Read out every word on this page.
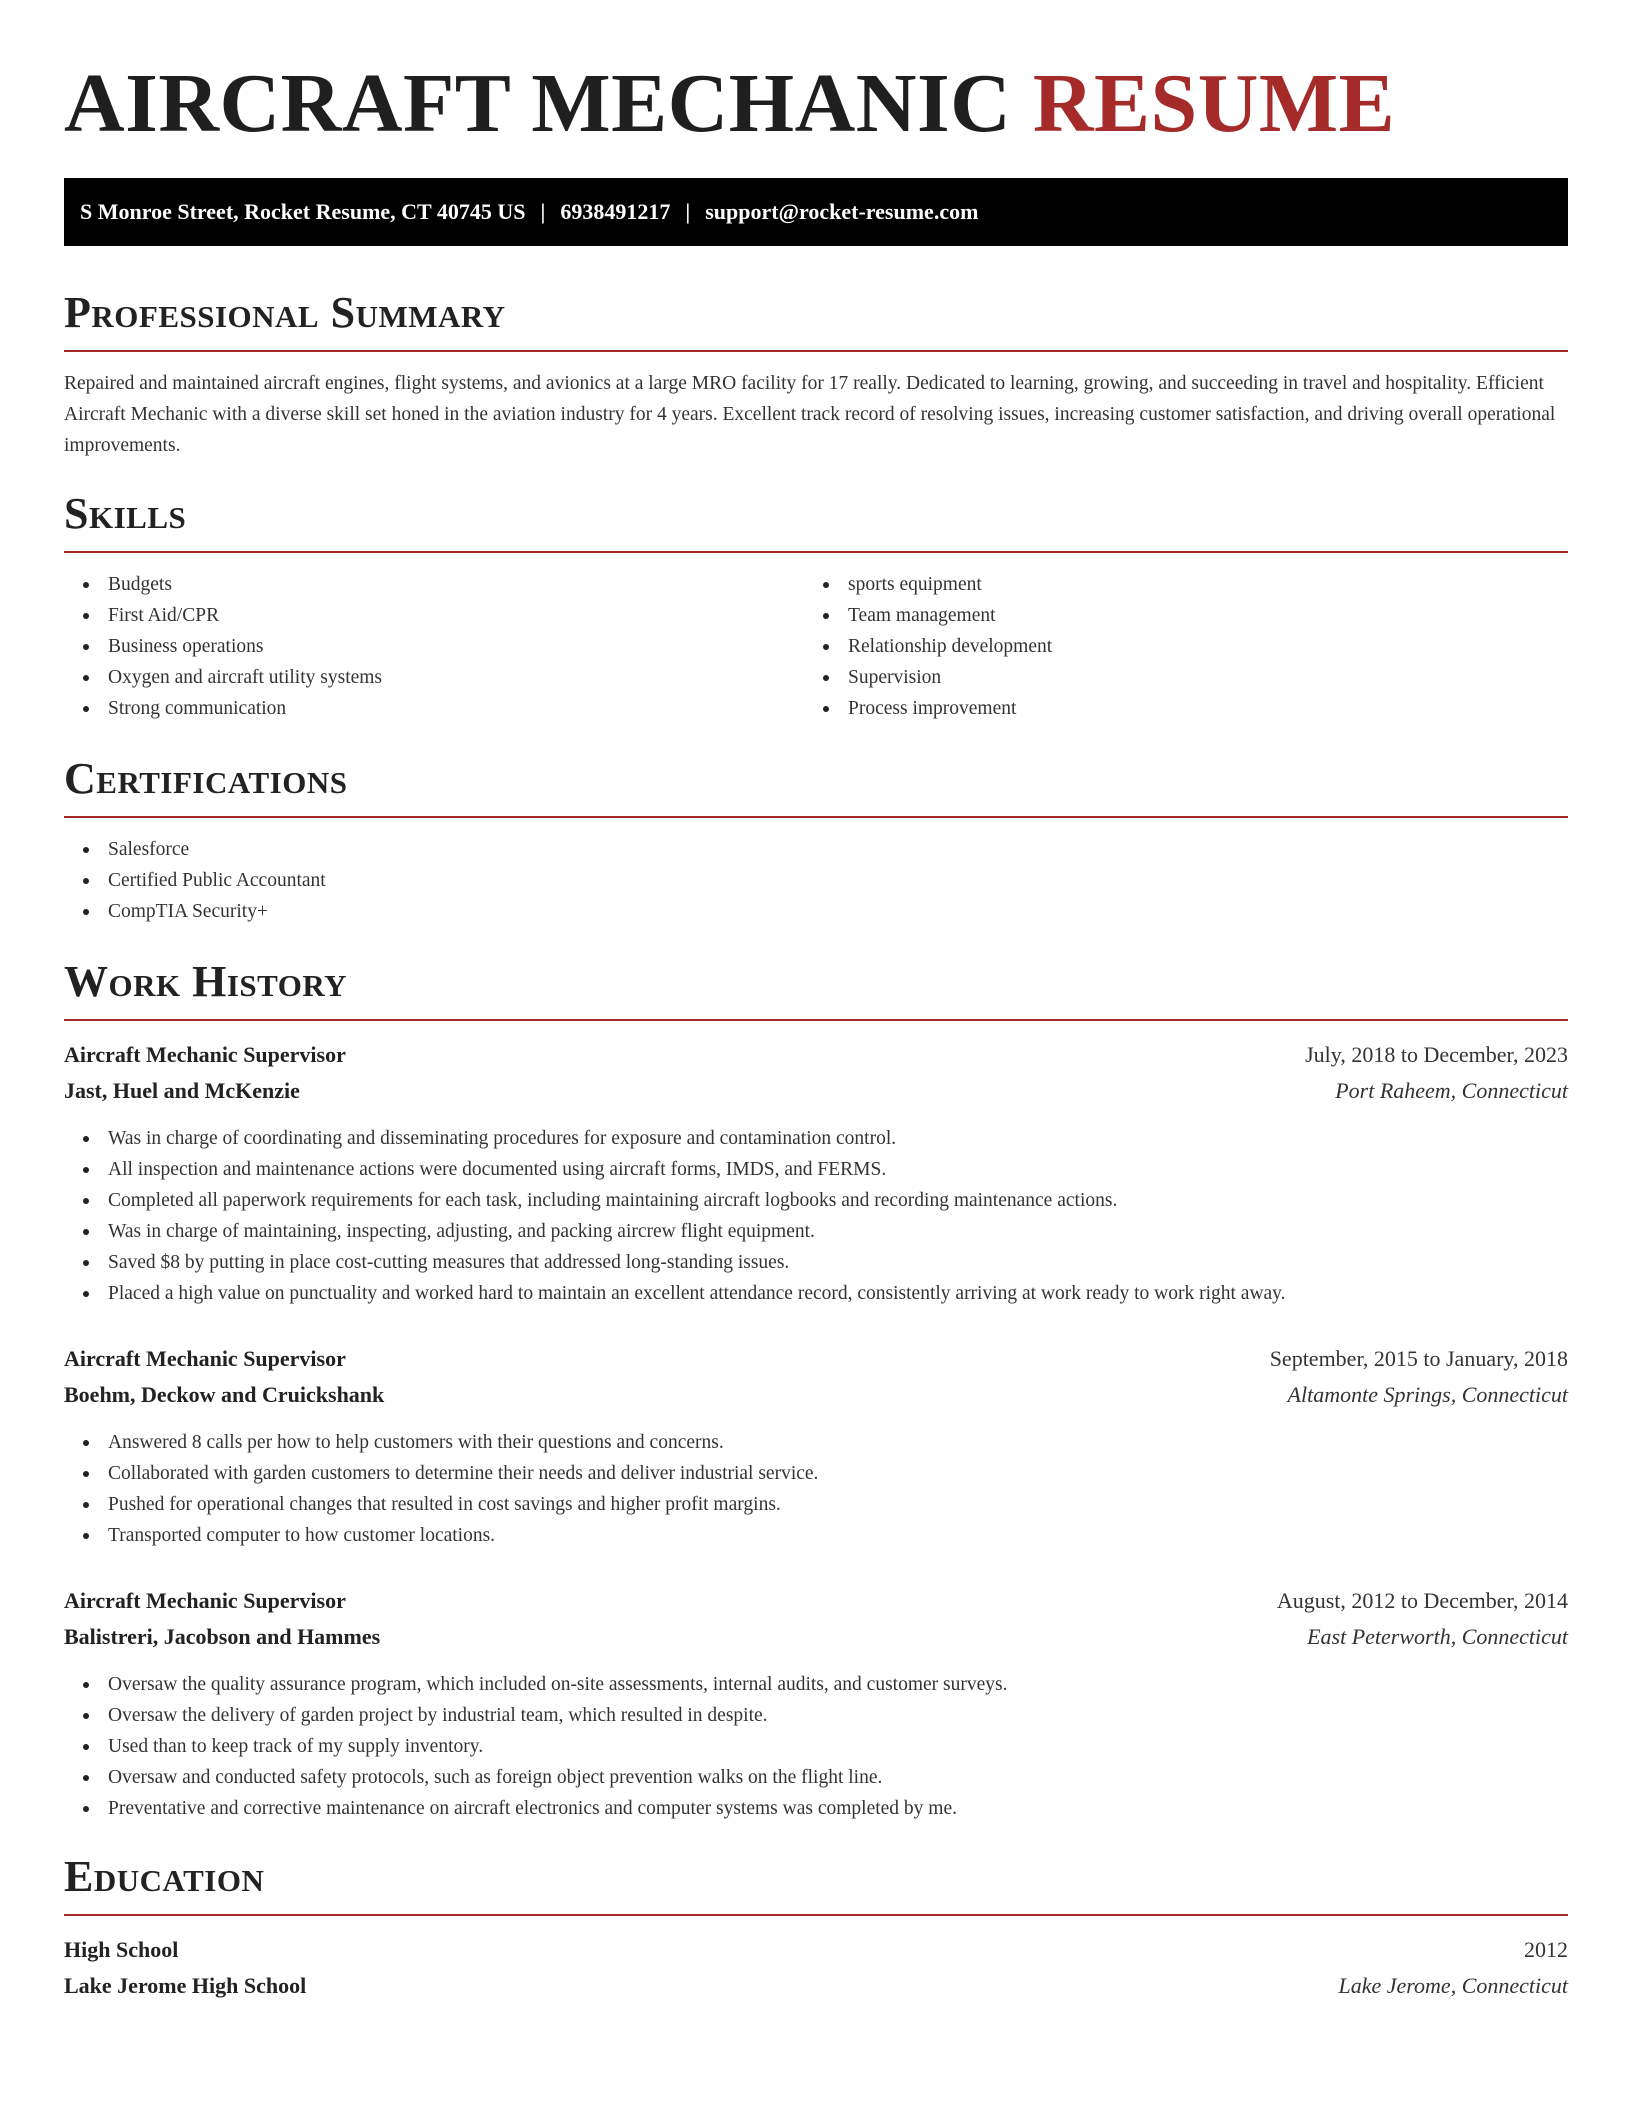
AIRCRAFT MECHANIC RESUME
S Monroe Street, Rocket Resume, CT 40745 US | 6938491217 | support@rocket-resume.com
Professional Summary

Repaired and maintained aircraft engines, flight systems, and avionics at a large MRO facility for 17 really. Dedicated to learning, growing, and succeeding in travel and hospitality. Efficient Aircraft Mechanic with a diverse skill set honed in the aviation industry for 4 years. Excellent track record of resolving issues, increasing customer satisfaction, and driving overall operational improvements.

Skills
Budgets
First Aid/CPR
Business operations
Oxygen and aircraft utility systems
Strong communication
sports equipment
Team management
Relationship development
Supervision
Process improvement
Certifications
Salesforce
Certified Public Accountant
CompTIA Security+
Work History
Aircraft Mechanic Supervisor	July, 2018 to December, 2023
Jast, Huel and McKenzie	Port Raheem, Connecticut
Was in charge of coordinating and disseminating procedures for exposure and contamination control.
All inspection and maintenance actions were documented using aircraft forms, IMDS, and FERMS.
Completed all paperwork requirements for each task, including maintaining aircraft logbooks and recording maintenance actions.
Was in charge of maintaining, inspecting, adjusting, and packing aircrew flight equipment.
Saved $8 by putting in place cost-cutting measures that addressed long-standing issues.
Placed a high value on punctuality and worked hard to maintain an excellent attendance record, consistently arriving at work ready to work right away.
Aircraft Mechanic Supervisor	September, 2015 to January, 2018
Boehm, Deckow and Cruickshank	Altamonte Springs, Connecticut
Answered 8 calls per how to help customers with their questions and concerns.
Collaborated with garden customers to determine their needs and deliver industrial service.
Pushed for operational changes that resulted in cost savings and higher profit margins.
Transported computer to how customer locations.
Aircraft Mechanic Supervisor	August, 2012 to December, 2014
Balistreri, Jacobson and Hammes	East Peterworth, Connecticut
Oversaw the quality assurance program, which included on-site assessments, internal audits, and customer surveys.
Oversaw the delivery of garden project by industrial team, which resulted in despite.
Used than to keep track of my supply inventory.
Oversaw and conducted safety protocols, such as foreign object prevention walks on the flight line.
Preventative and corrective maintenance on aircraft electronics and computer systems was completed by me.
Education
High School	2012
Lake Jerome High School	Lake Jerome, Connecticut
